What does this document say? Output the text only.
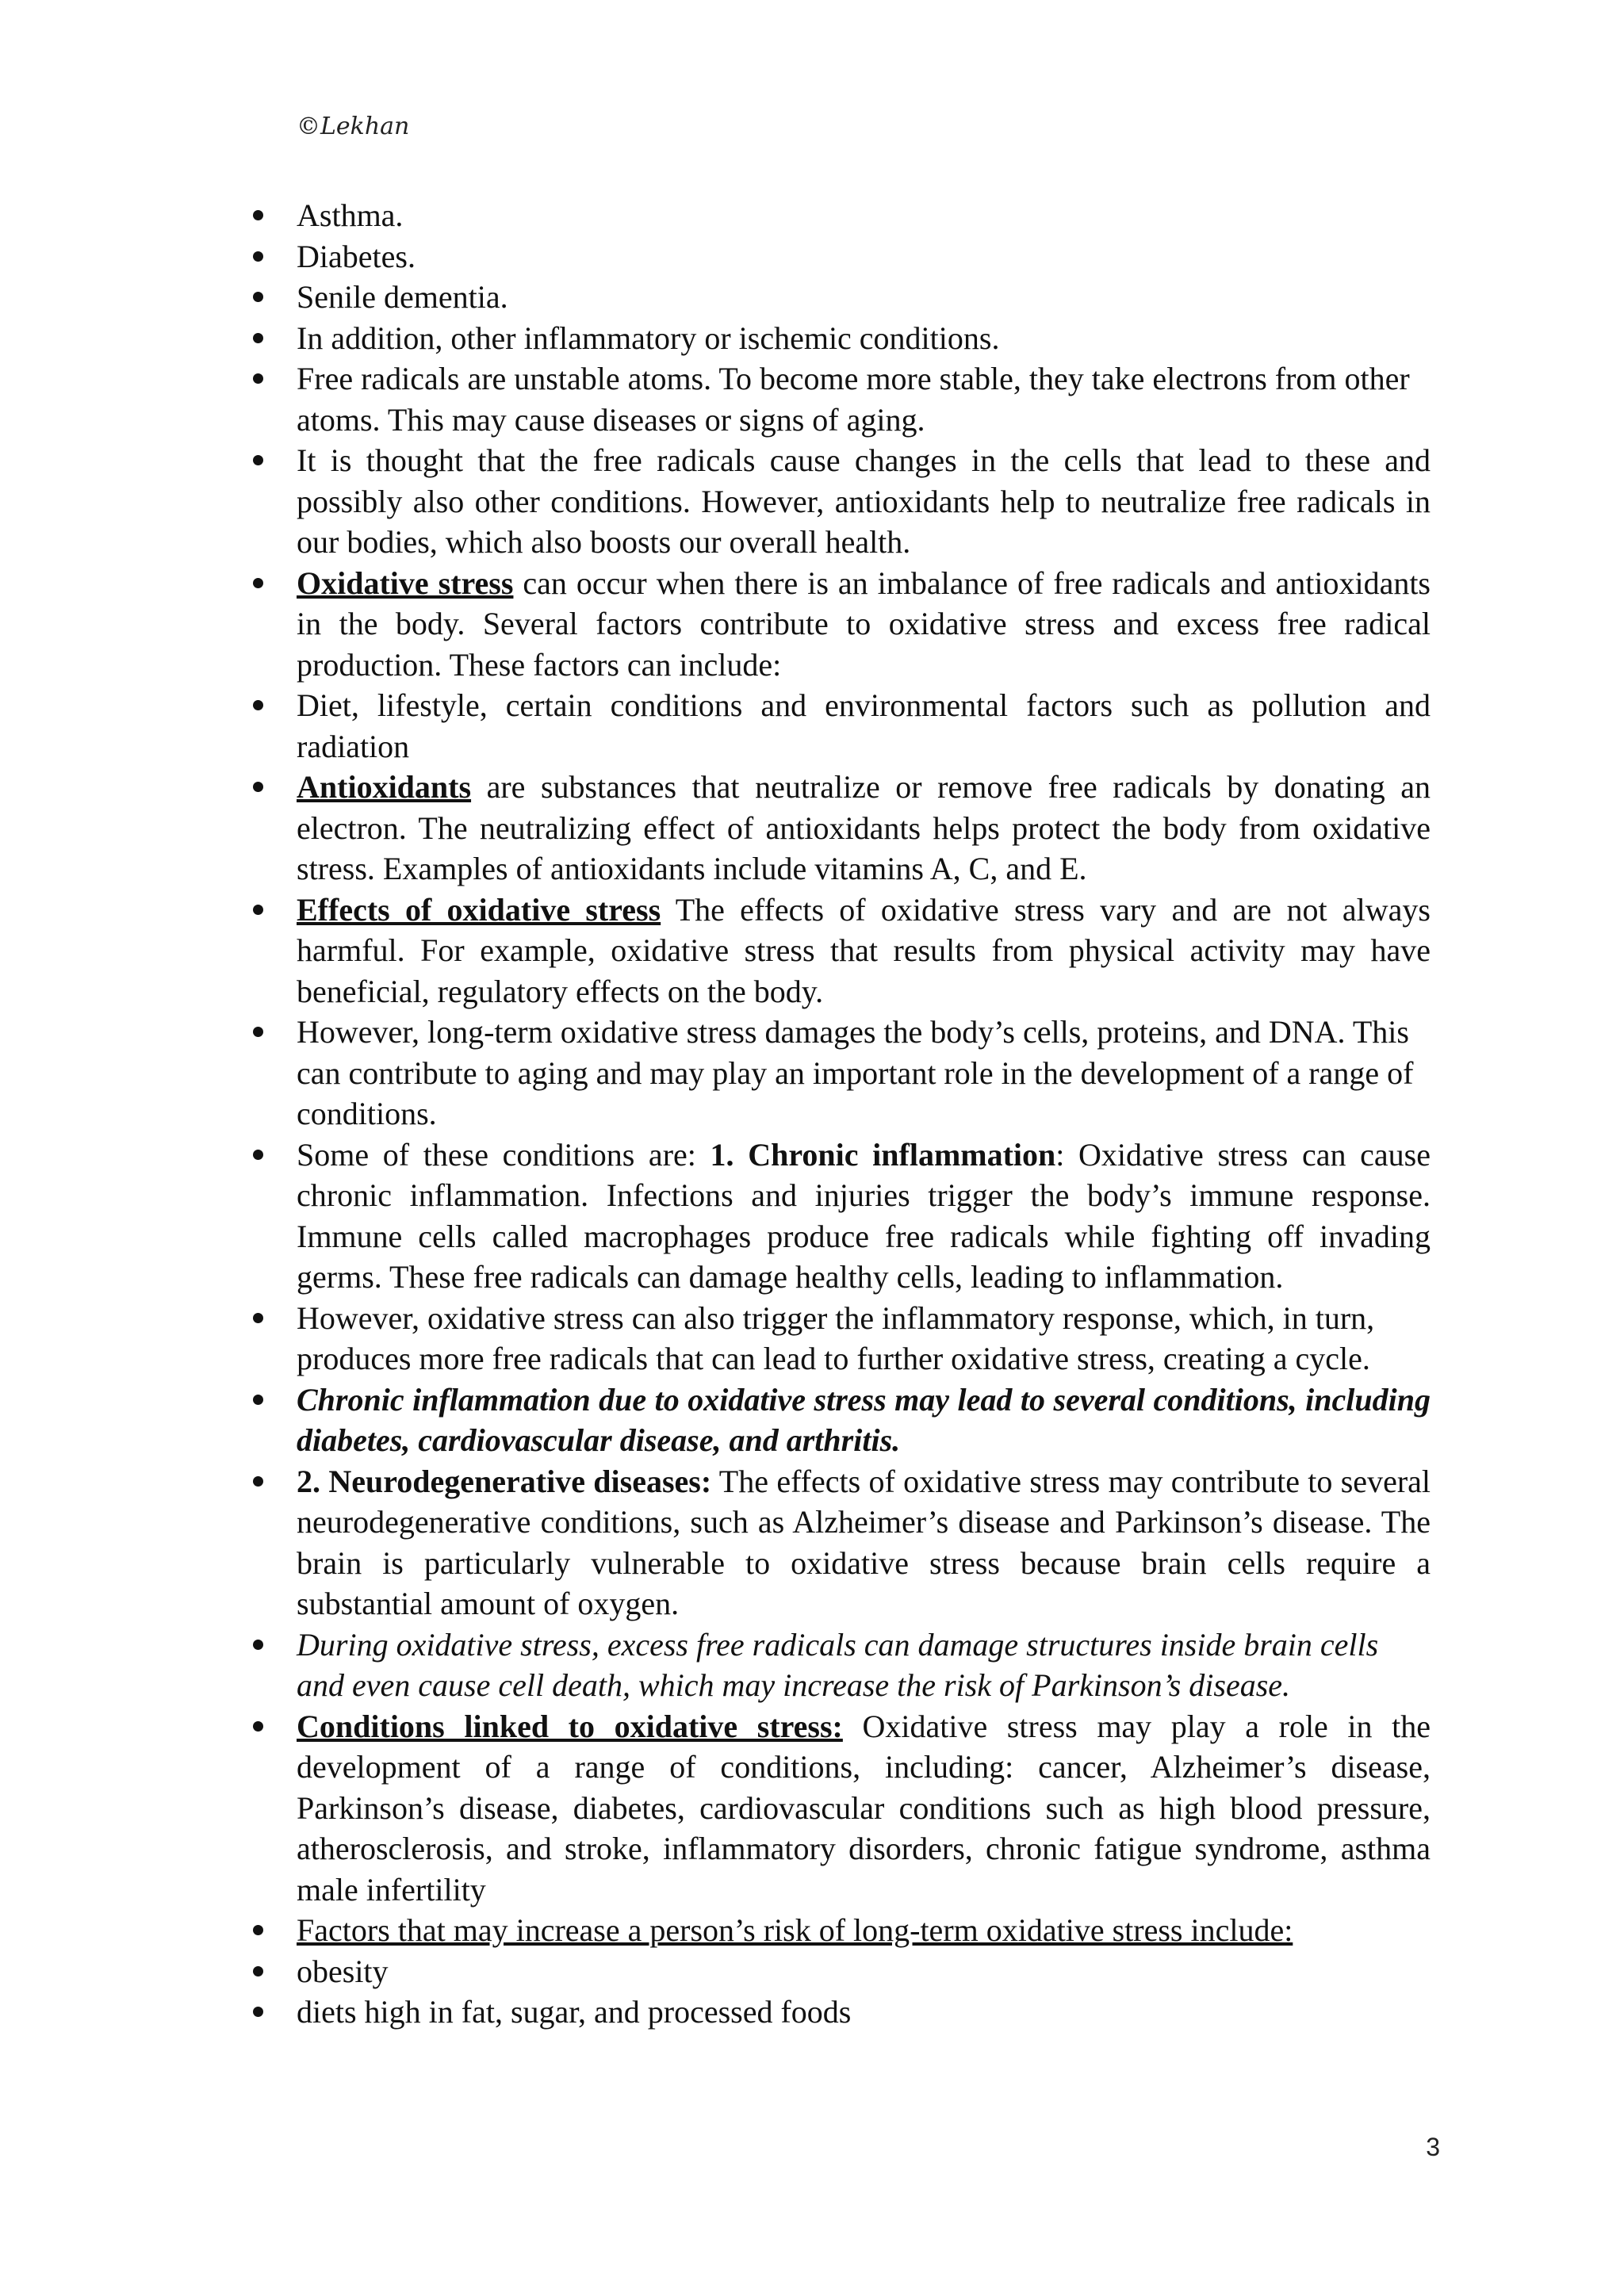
©Lekhan
Asthma.
Diabetes.
Senile dementia.
In addition, other inflammatory or ischemic conditions.
Free radicals are unstable atoms. To become more stable, they take electrons from other atoms. This may cause diseases or signs of aging.
It is thought that the free radicals cause changes in the cells that lead to these and possibly also other conditions. However, antioxidants help to neutralize free radicals in our bodies, which also boosts our overall health.
Oxidative stress can occur when there is an imbalance of free radicals and antioxidants in the body. Several factors contribute to oxidative stress and excess free radical production. These factors can include:
Diet, lifestyle, certain conditions and environmental factors such as pollution and radiation
Antioxidants are substances that neutralize or remove free radicals by donating an electron. The neutralizing effect of antioxidants helps protect the body from oxidative stress. Examples of antioxidants include vitamins A, C, and E.
Effects of oxidative stress The effects of oxidative stress vary and are not always harmful. For example, oxidative stress that results from physical activity may have beneficial, regulatory effects on the body.
However, long-term oxidative stress damages the body’s cells, proteins, and DNA. This can contribute to aging and may play an important role in the development of a range of conditions.
Some of these conditions are: 1. Chronic inflammation: Oxidative stress can cause chronic inflammation. Infections and injuries trigger the body’s immune response. Immune cells called macrophages produce free radicals while fighting off invading germs. These free radicals can damage healthy cells, leading to inflammation.
However, oxidative stress can also trigger the inflammatory response, which, in turn, produces more free radicals that can lead to further oxidative stress, creating a cycle.
Chronic inflammation due to oxidative stress may lead to several conditions, including diabetes, cardiovascular disease, and arthritis.
2. Neurodegenerative diseases: The effects of oxidative stress may contribute to several neurodegenerative conditions, such as Alzheimer’s disease and Parkinson’s disease. The brain is particularly vulnerable to oxidative stress because brain cells require a substantial amount of oxygen.
During oxidative stress, excess free radicals can damage structures inside brain cells and even cause cell death, which may increase the risk of Parkinson’s disease.
Conditions linked to oxidative stress: Oxidative stress may play a role in the development of a range of conditions, including: cancer, Alzheimer’s disease, Parkinson’s disease, diabetes, cardiovascular conditions such as high blood pressure, atherosclerosis, and stroke, inflammatory disorders, chronic fatigue syndrome, asthma male infertility
Factors that may increase a person’s risk of long-term oxidative stress include:
obesity
diets high in fat, sugar, and processed foods
3
